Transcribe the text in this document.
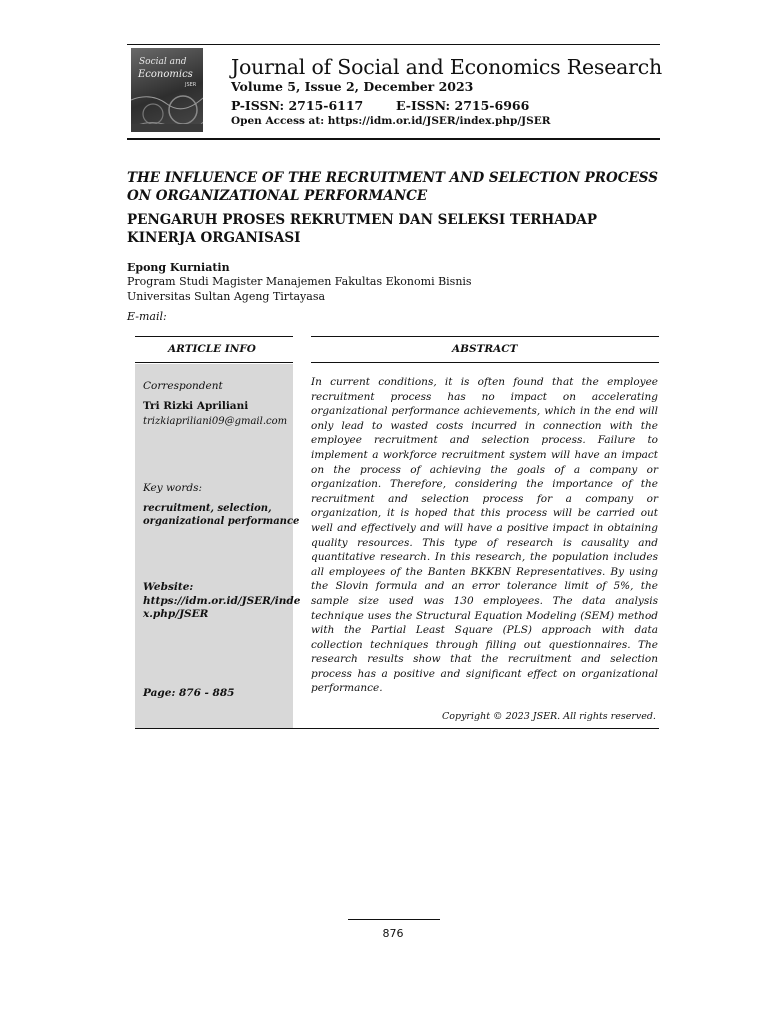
Social and
Economics
JSER
Journal of Social and Economics Research
Volume 5, Issue 2, December 2023
P-ISSN: 2715-6117	E-ISSN: 2715-6966
Open Access at: https://idm.or.id/JSER/index.php/JSER
THE INFLUENCE OF THE RECRUITMENT AND SELECTION PROCESS ON ORGANIZATIONAL PERFORMANCE
PENGARUH PROSES REKRUTMEN DAN SELEKSI TERHADAP KINERJA ORGANISASI
Epong Kurniatin
Program Studi Magister Manajemen Fakultas Ekonomi Bisnis
Universitas Sultan Ageng Tirtayasa
E-mail:
ARTICLE INFO	ABSTRACT
Correspondent
Tri Rizki Apriliani
trizkiapriliani09@gmail.com
Key words:
recruitment, selection,
organizational performance
Website:
https://idm.or.id/JSER/inde
x.php/JSER
Page: 876 - 885
In current conditions, it is often found that the employee recruitment process has no impact on accelerating organizational performance achievements, which in the end will only lead to wasted costs incurred in connection with the employee recruitment and selection process. Failure to implement a workforce recruitment system will have an impact on the process of achieving the goals of a company or organization. Therefore, considering the importance of the recruitment and selection process for a company or organization, it is hoped that this process will be carried out well and effectively and will have a positive impact in obtaining quality resources. This type of research is causality and quantitative research. In this research, the population includes all employees of the Banten BKKBN Representatives. By using the Slovin formula and an error tolerance limit of 5%, the sample size used was 130 employees. The data analysis technique uses the Structural Equation Modeling (SEM) method with the Partial Least Square (PLS) approach with data collection techniques through filling out questionnaires. The research results show that the recruitment and selection process has a positive and significant effect on organizational performance.
Copyright © 2023 JSER. All rights reserved.
876
